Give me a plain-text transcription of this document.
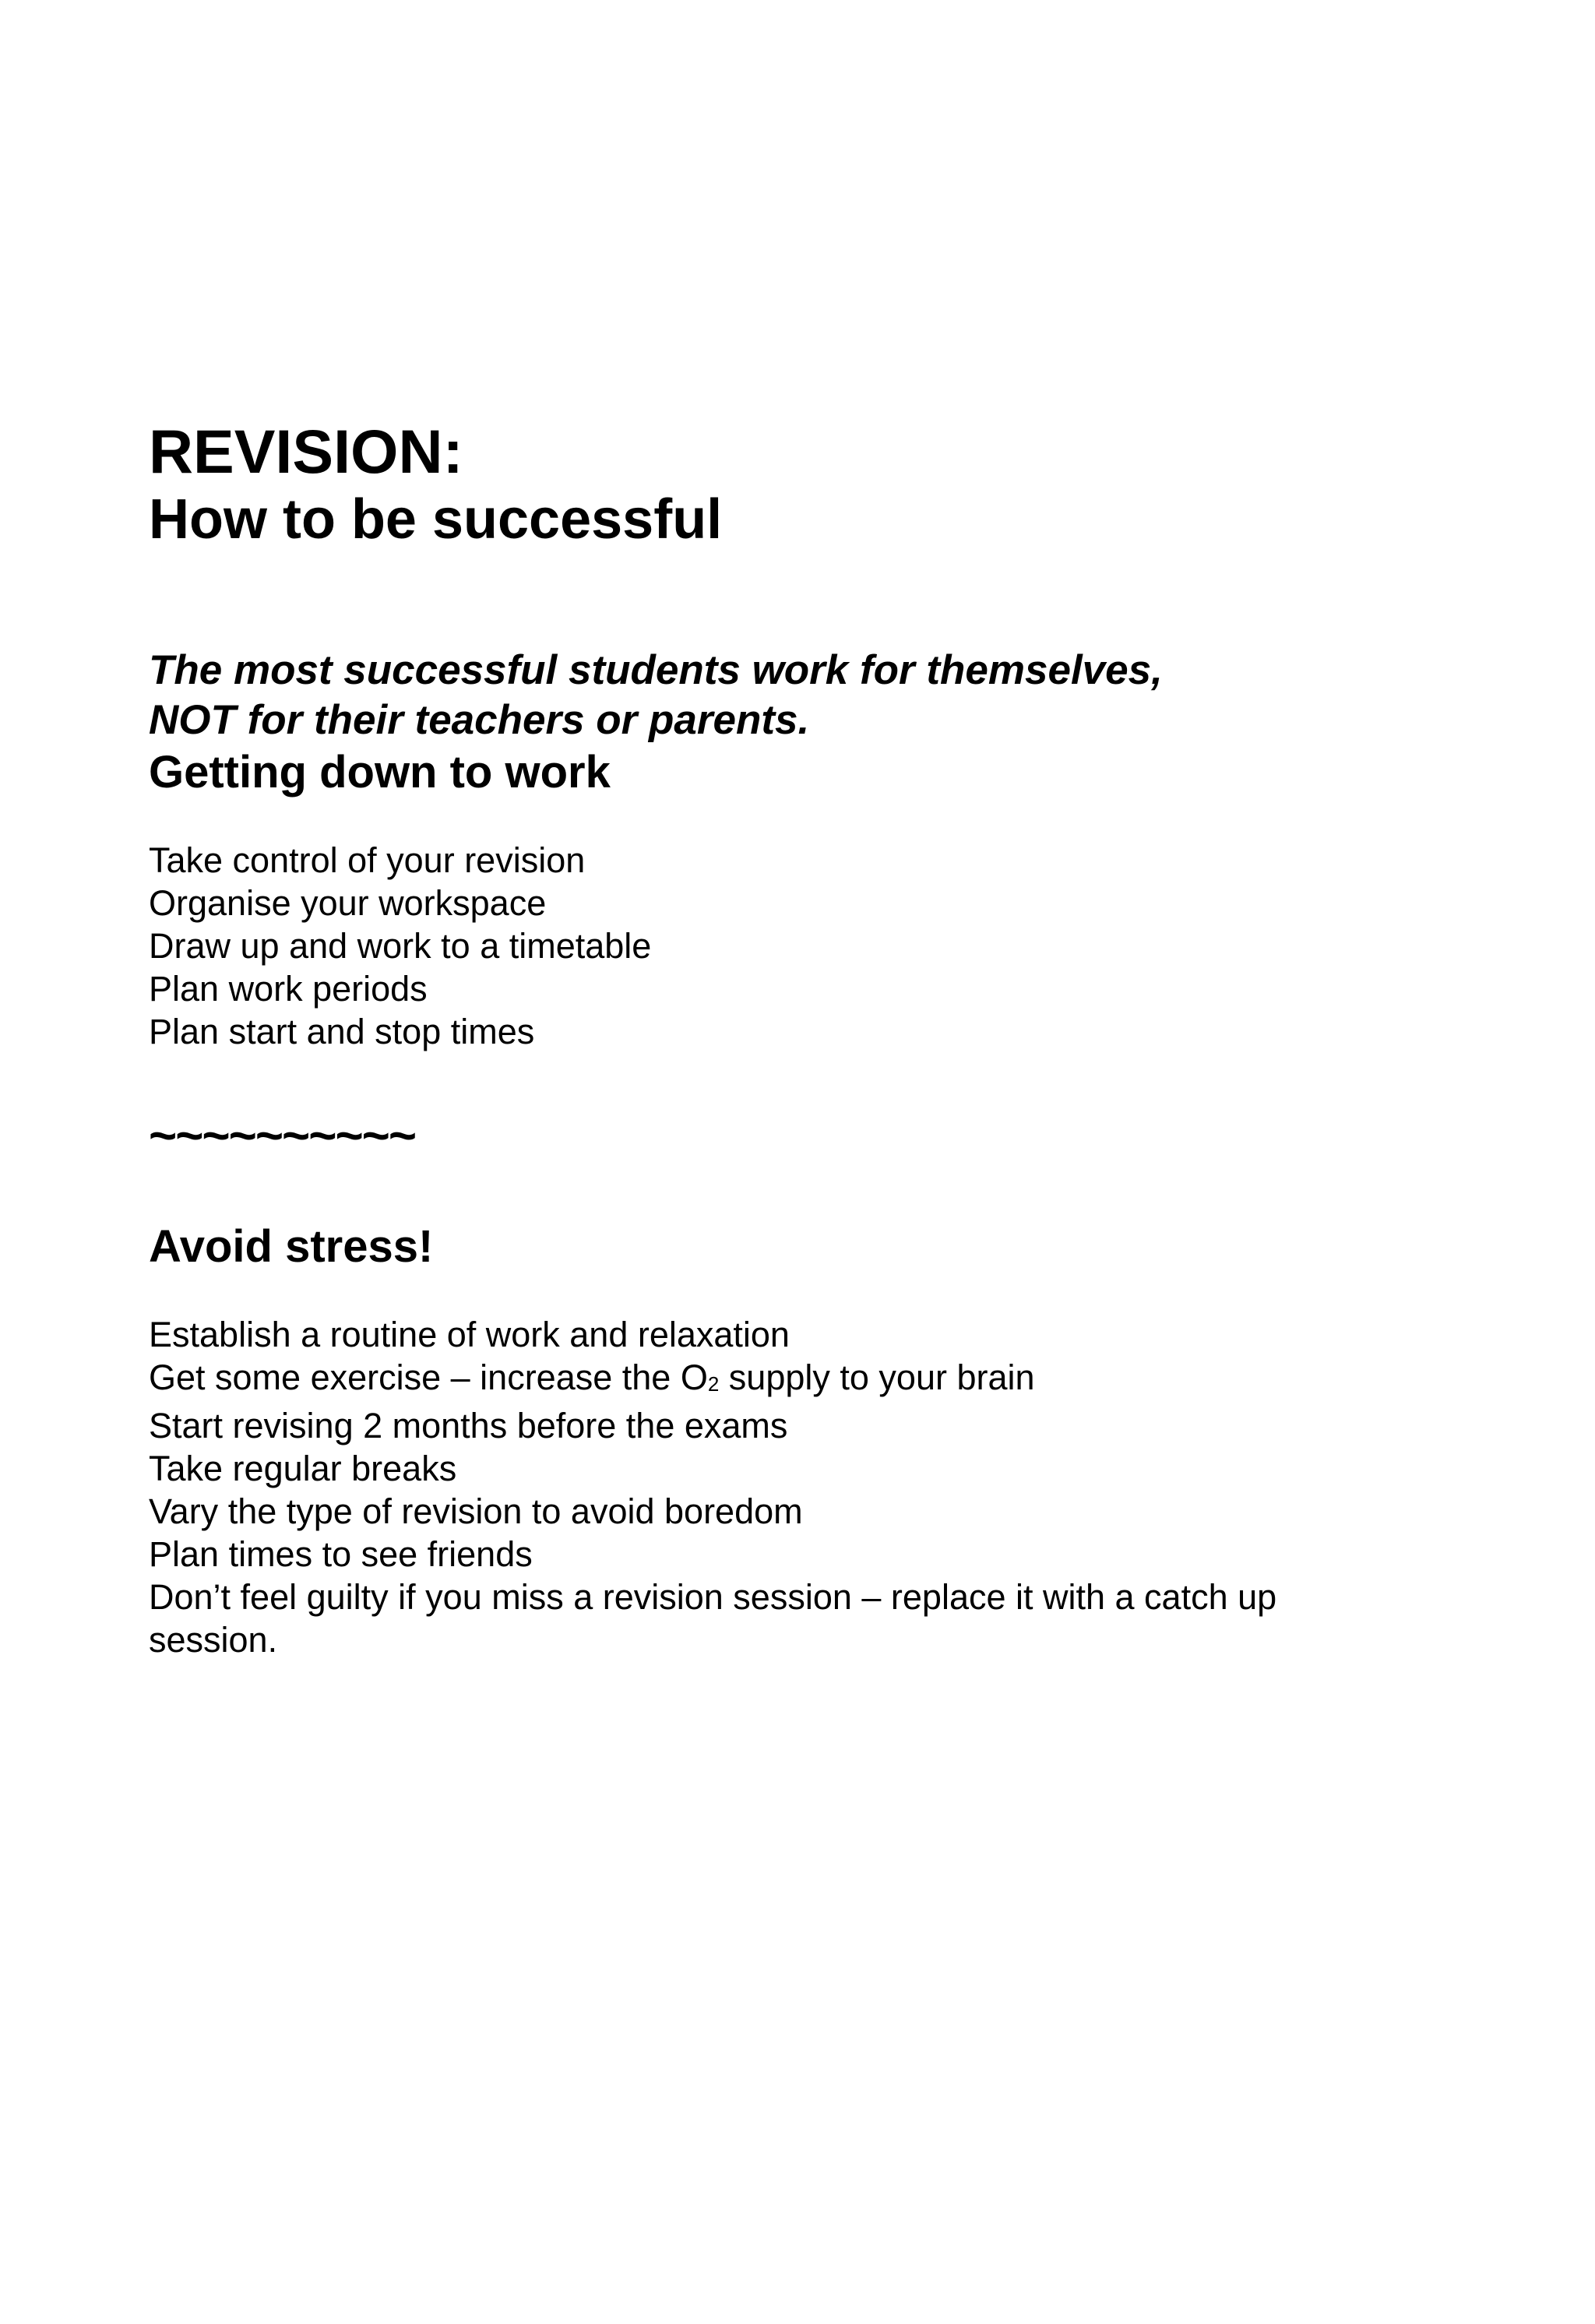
REVISION:
How to be successful
The most successful students work for themselves,
NOT for their teachers or parents.
Getting down to work
Take control of your revision
Organise your workspace
Draw up and work to a timetable
Plan work periods
Plan start and stop times
~~~~~~~~~~
Avoid stress!
Establish a routine of work and relaxation
Get some exercise – increase the $O_2$ supply to your brain
Start revising 2 months before the exams
Take regular breaks
Vary the type of revision to avoid boredom
Plan times to see friends
Don’t feel guilty if you miss a revision session – replace it with a catch up
session.
